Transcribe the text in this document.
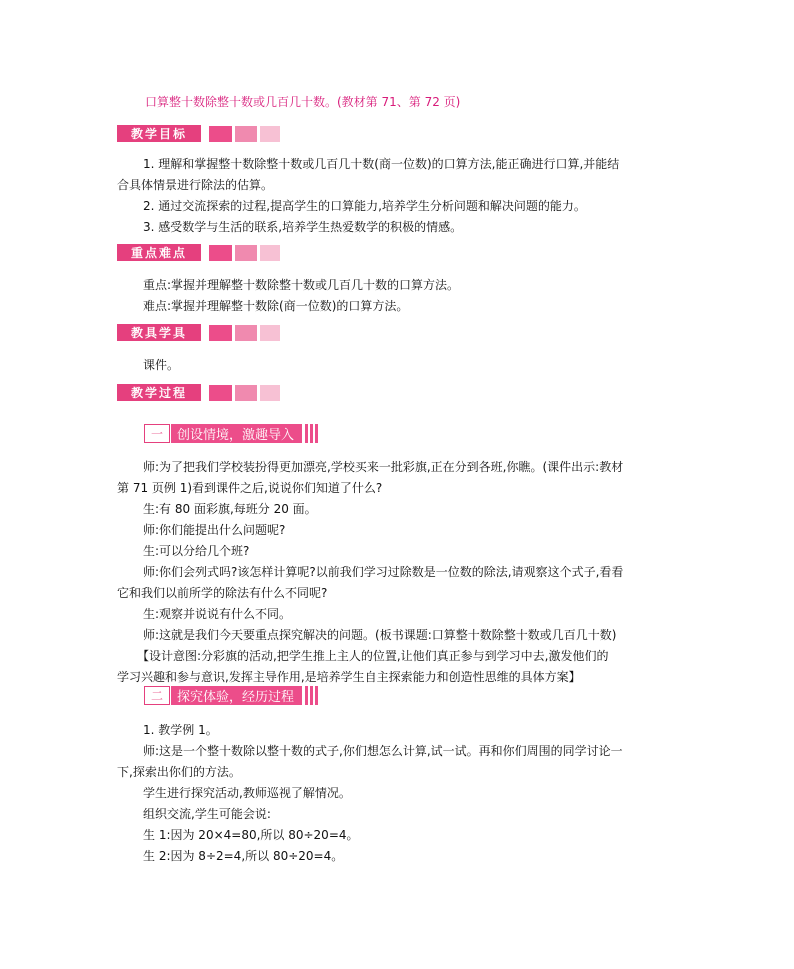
口算整十数除整十数或几百几十数。(教材第 71、第 72 页)
教学目标
1. 理解和掌握整十数除整十数或几百几十数(商一位数)的口算方法,能正确进行口算,并能结
合具体情景进行除法的估算。
2. 通过交流探索的过程,提高学生的口算能力,培养学生分析问题和解决问题的能力。
3. 感受数学与生活的联系,培养学生热爱数学的积极的情感。
重点难点
重点:掌握并理解整十数除整十数或几百几十数的口算方法。
难点:掌握并理解整十数除(商一位数)的口算方法。
教具学具
课件。
教学过程
一	创设情境，激趣导入
师:为了把我们学校装扮得更加漂亮,学校买来一批彩旗,正在分到各班,你瞧。(课件出示:教材
第 71 页例 1)看到课件之后,说说你们知道了什么?
生:有 80 面彩旗,每班分 20 面。
师:你们能提出什么问题呢?
生:可以分给几个班?
师:你们会列式吗?该怎样计算呢?以前我们学习过除数是一位数的除法,请观察这个式子,看看
它和我们以前所学的除法有什么不同呢?
生:观察并说说有什么不同。
师:这就是我们今天要重点探究解决的问题。(板书课题:口算整十数除整十数或几百几十数)
【设计意图:分彩旗的活动,把学生推上主人的位置,让他们真正参与到学习中去,激发他们的
学习兴趣和参与意识,发挥主导作用,是培养学生自主探索能力和创造性思维的具体方案】
二	探究体验，经历过程
1. 教学例 1。
师:这是一个整十数除以整十数的式子,你们想怎么计算,试一试。再和你们周围的同学讨论一
下,探索出你们的方法。
学生进行探究活动,教师巡视了解情况。
组织交流,学生可能会说:
生 1:因为 20×4=80,所以 80÷20=4。
生 2:因为 8÷2=4,所以 80÷20=4。
